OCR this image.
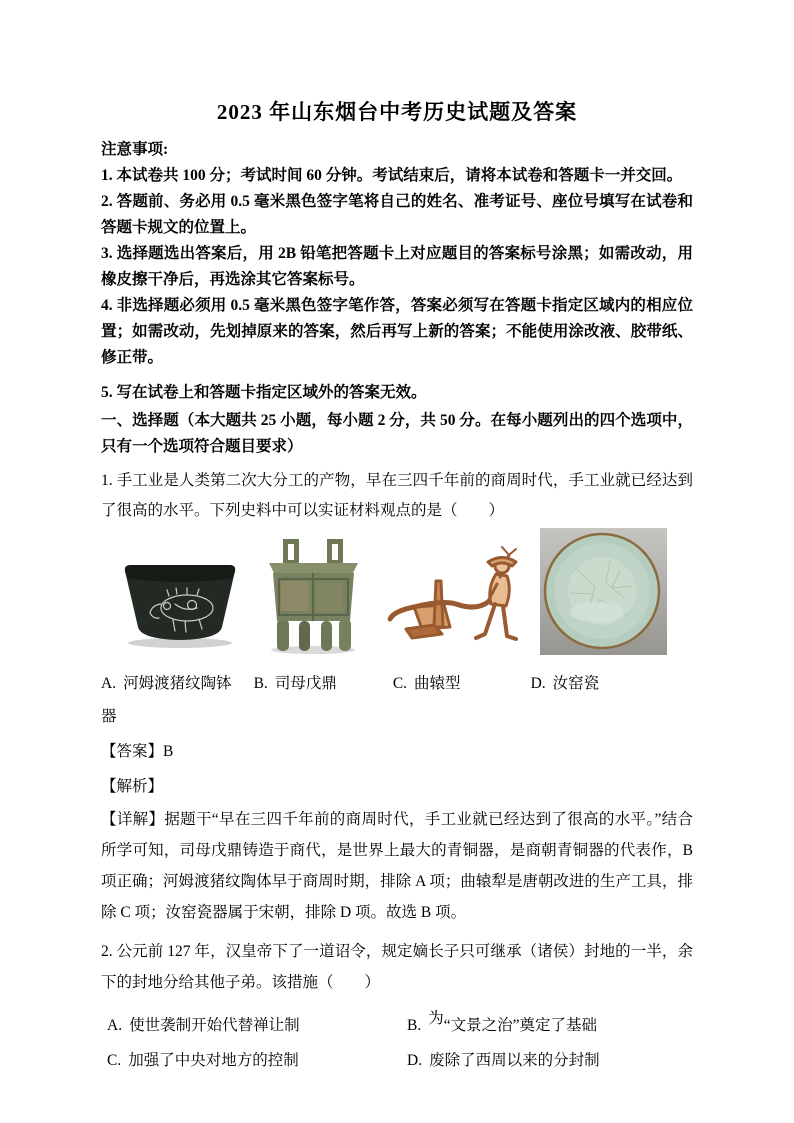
2023 年山东烟台中考历史试题及答案

注意事项:

1. 本试卷共 100 分；考试时间 60 分钟。考试结束后，请将本试卷和答题卡一并交回。

2. 答题前、务必用 0.5 毫米黑色签字笔将自己的姓名、准考证号、座位号填写在试卷和答题卡规文的位置上。

3. 选择题选出答案后，用 2B 铅笔把答题卡上对应题目的答案标号涂黑；如需改动，用橡皮擦干净后，再选涂其它答案标号。

4. 非选择题必须用 0.5 毫米黑色签字笔作答，答案必须写在答题卡指定区域内的相应位置；如需改动，先划掉原来的答案，然后再写上新的答案；不能使用涂改液、胶带纸、修正带。

5. 写在试卷上和答题卡指定区域外的答案无效。

一、选择题（本大题共 25 小题，每小题 2 分，共 50 分。在每小题列出的四个选项中，只有一个选项符合题目要求）

1. 手工业是人类第二次大分工的产物，早在三四千年前的商周时代，手工业就已经达到了很高的水平。下列史料中可以实证材料观点的是（　　）

A. 河姆渡猪纹陶钵 B. 司母戊鼎	C. 曲辕型	D. 汝窑瓷器

【答案】B

【解析】

【详解】据题干“早在三四千年前的商周时代，手工业就已经达到了很高的水平。”结合所学可知，司母戊鼎铸造于商代，是世界上最大的青铜器，是商朝青铜器的代表作，B 项正确；河姆渡猪纹陶体早于商周时期，排除 A 项；曲辕犁是唐朝改进的生产工具，排除 C 项；汝窑瓷器属于宋朝，排除 D 项。故选 B 项。

2. 公元前 127 年，汉皇帝下了一道诏令，规定嫡长子只可继承（诸侯）封地的一半，余下的封地分给其他子弟。该措施（　　）

A. 使世袭制开始代替禅让制	B. 为“文景之治”奠定了基础
C. 加强了中央对地方的控制	D. 废除了西周以来的分封制
